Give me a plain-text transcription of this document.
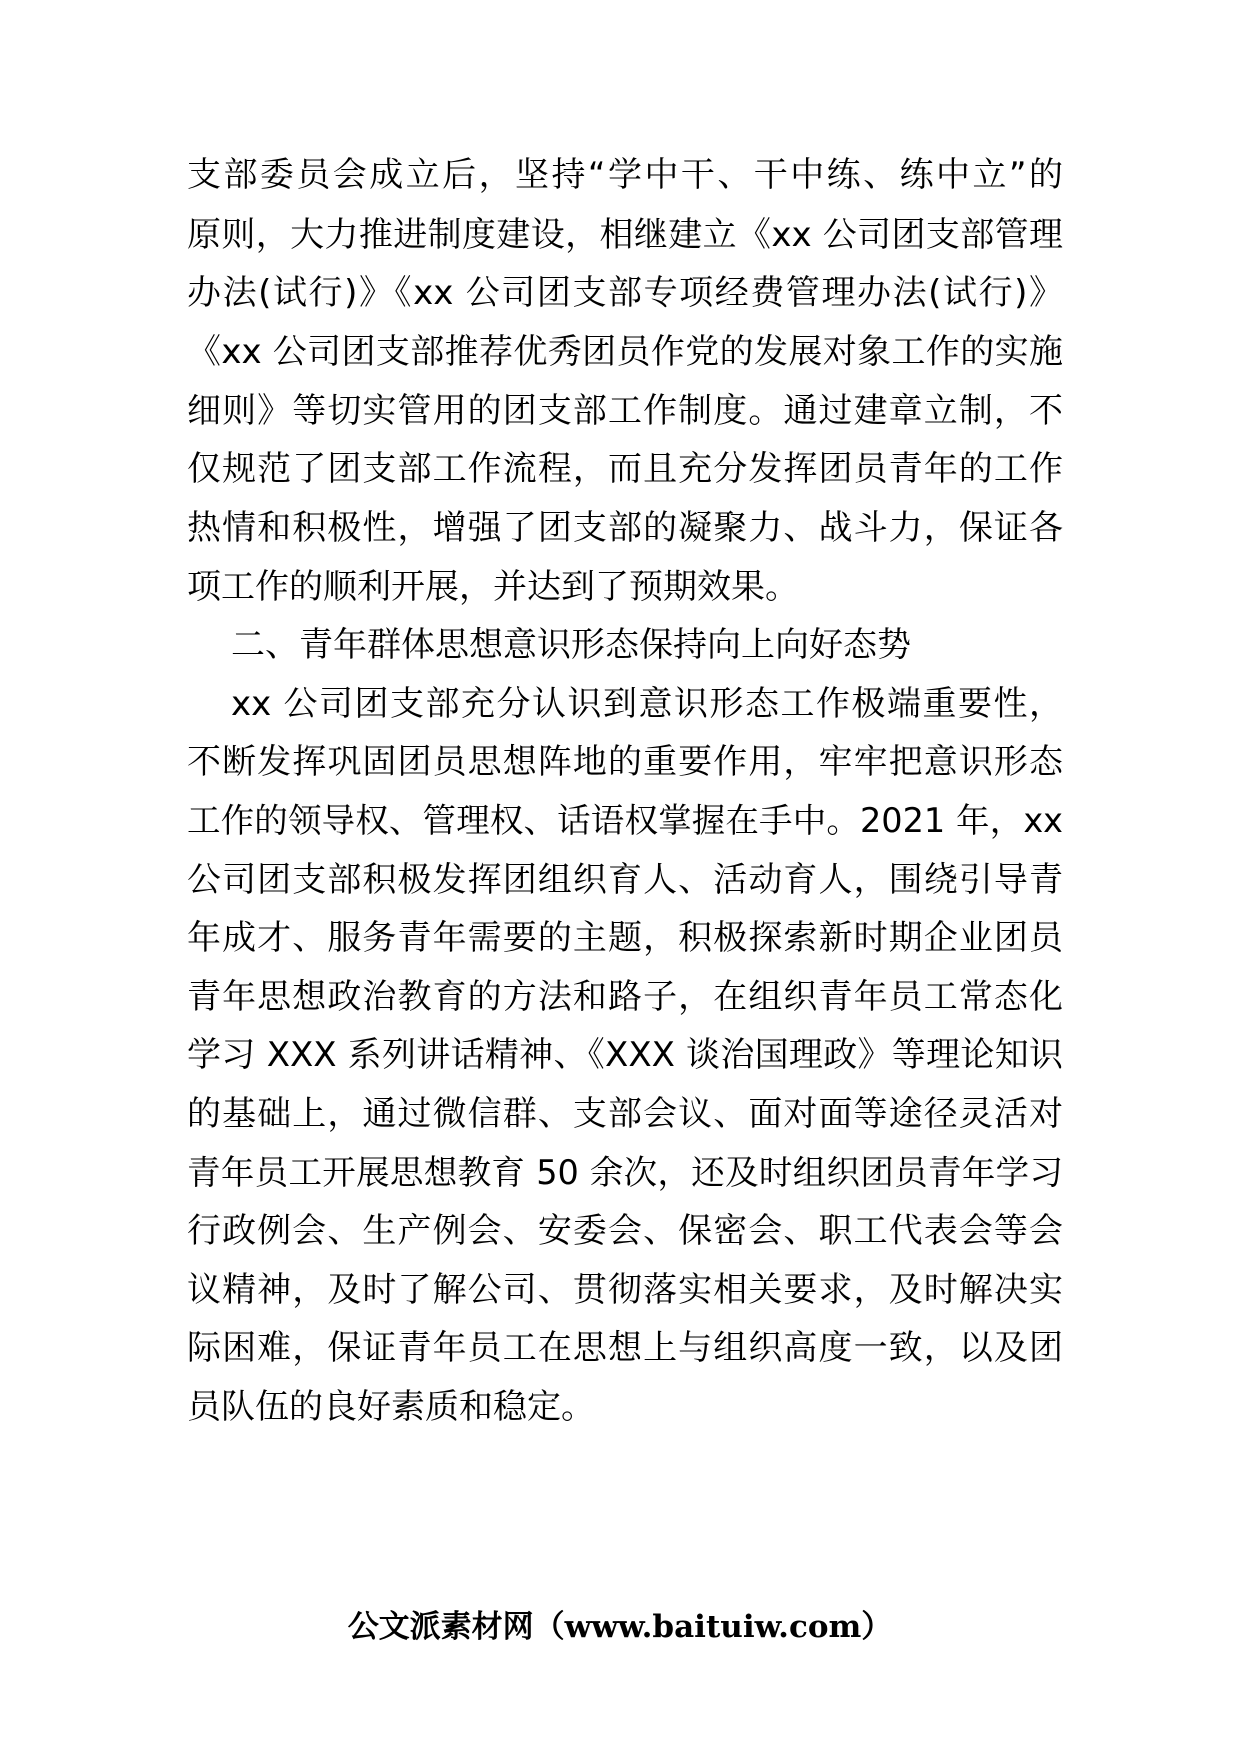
支部委员会成立后，坚持“学中干、干中练、练中立”的
原则，大力推进制度建设，相继建立《xx 公司团支部管理
办法(试行)》《xx 公司团支部专项经费管理办法(试行)》
《xx 公司团支部推荐优秀团员作党的发展对象工作的实施
细则》等切实管用的团支部工作制度。通过建章立制，不
仅规范了团支部工作流程，而且充分发挥团员青年的工作
热情和积极性，增强了团支部的凝聚力、战斗力，保证各
项工作的顺利开展，并达到了预期效果。
二、青年群体思想意识形态保持向上向好态势
xx 公司团支部充分认识到意识形态工作极端重要性，
不断发挥巩固团员思想阵地的重要作用，牢牢把意识形态
工作的领导权、管理权、话语权掌握在手中。2021 年，xx
公司团支部积极发挥团组织育人、活动育人，围绕引导青
年成才、服务青年需要的主题，积极探索新时期企业团员
青年思想政治教育的方法和路子，在组织青年员工常态化
学习 XXX 系列讲话精神、《XXX 谈治国理政》等理论知识
的基础上，通过微信群、支部会议、面对面等途径灵活对
青年员工开展思想教育 50 余次，还及时组织团员青年学习
行政例会、生产例会、安委会、保密会、职工代表会等会
议精神，及时了解公司、贯彻落实相关要求，及时解决实
际困难，保证青年员工在思想上与组织高度一致，以及团
员队伍的良好素质和稳定。
公文派素材网（www.baituiw.com）
